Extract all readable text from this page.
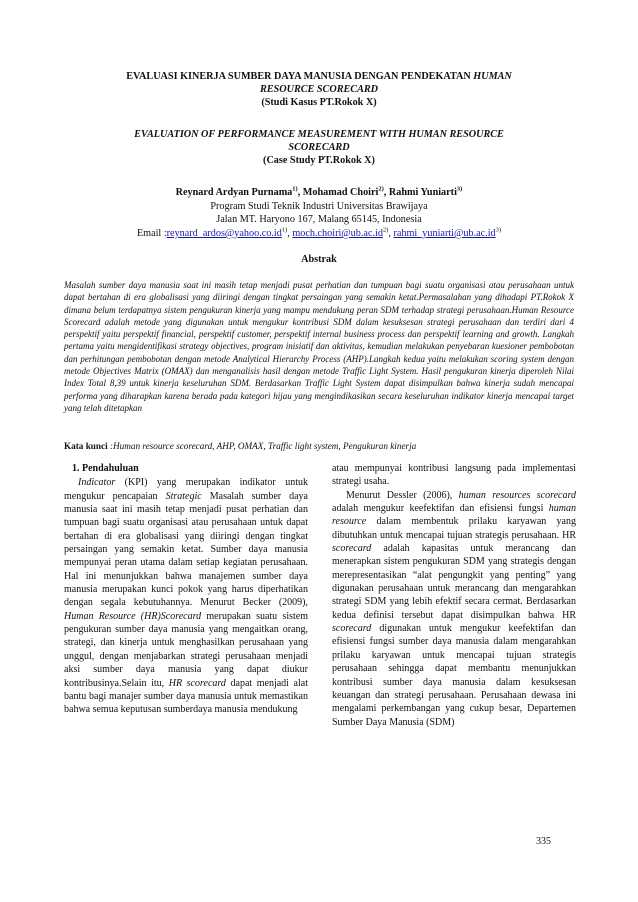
EVALUASI KINERJA SUMBER DAYA MANUSIA DENGAN PENDEKATAN HUMAN
RESOURCE SCORECARD
(Studi Kasus PT.Rokok X)
EVALUATION OF PERFORMANCE MEASUREMENT WITH HUMAN RESOURCE
SCORECARD
(Case Study PT.Rokok X)
Reynard Ardyan Purnama$^{1)}$, Mohamad Choiri$^{2)}$, Rahmi Yuniarti$^{3)}$
Program Studi Teknik Industri Universitas Brawijaya
Jalan MT. Haryono 167, Malang 65145, Indonesia
Email $:reynard\_ardos@yahoo.co.id^{1)}$, $moch.choiri@ub.ac.id^{2)}$, $rahmi\_yuniarti@ub.ac.id^{3)}$
Abstrak
Masalah sumber daya manusia saat ini masih tetap menjadi pusat perhatian dan tumpuan bagi suatu organisasi atau perusahaan untuk dapat bertahan di era globalisasi yang diiringi dengan tingkat persaingan yang semakin ketat.Permasalahan yang dihadapi PT.Rokok X dimana belum terdapatnya sistem pengukuran kinerja yang mampu mendukung peran SDM terhadap strategi perusahaan.Human Resource Scorecard adalah metode yang digunakan untuk mengukur kontribusi SDM dalam kesuksesan strategi perusahaan dan terdiri dari 4 perspektif yaitu perspektif financial, perspektif customer, perspektif internal business process dan perspektif learning and growth. Langkah pertama yaitu mengidentifikasi strategy objectives, program inisiatif dan aktivitas, kemudian melakukan penyebaran kuesioner pembobotan dan perhitungan pembobotan dengan metode Analytical Hierarchy Process (AHP).Langkah kedua yaitu melakukan scoring system dengan metode Objectives Matrix (OMAX) dan menganalisis hasil dengan metode Traffic Light System. Hasil pengukuran kinerja diperoleh Nilai Index Total 8,39 untuk kinerja keseluruhan SDM. Berdasarkan Traffic Light System dapat disimpulkan bahwa kinerja sudah mencapai performa yang diharapkan karena berada pada kategori hijau yang mengindikasikan secara keseluruhan indikator kinerja mencapai target yang telah ditetapkan
Kata kunci :Human resource scorecard, AHP, OMAX, Traffic light system, Pengukuran kinerja

1. Pendahuluan

Indicator (KPI) yang merupakan indikator untuk mengukur pencapaian Strategic Masalah sumber daya manusia saat ini masih tetap menjadi pusat perhatian dan tumpuan bagi suatu organisasi atau perusahaan untuk dapat bertahan di era globalisasi yang diiringi dengan tingkat persaingan yang semakin ketat. Sumber daya manusia mempunyai peran utama dalam setiap kegiatan perusahaan. Hal ini menunjukkan bahwa manajemen sumber daya manusia merupakan kunci pokok yang harus diperhatikan dengan segala kebutuhannya. Menurut Becker (2009), Human Resource (HR)Scorecard merupakan suatu sistem pengukuran sumber daya manusia yang mengaitkan orang, strategi, dan kinerja untuk menghasilkan perusahaan yang unggul, dengan menjabarkan strategi perusahaan menjadi aksi sumber daya manusia yang dapat diukur kontribusinya.Selain itu, HR scorecard dapat menjadi alat bantu bagi manajer sumber daya manusia untuk memastikan bahwa semua keputusan sumberdaya manusia mendukung

atau mempunyai kontribusi langsung pada implementasi strategi usaha.

Menurut Dessler (2006), human resources scorecard adalah mengukur keefektifan dan efisiensi fungsi human resource dalam membentuk prilaku karyawan yang dibutuhkan untuk mencapai tujuan strategis perusahaan. HR scorecard adalah kapasitas untuk merancang dan menerapkan sistem pengukuran SDM yang strategis dengan merepresentasikan “alat pengungkit yang penting” yang digunakan perusahaan untuk merancang dan mengarahkan strategi SDM yang lebih efektif secara cermat. Berdasarkan kedua definisi tersebut dapat disimpulkan bahwa HR scorecard digunakan untuk mengukur keefektifan dan efisiensi fungsi sumber daya manusia dalam mengarahkan prilaku karyawan untuk mencapai tujuan strategis perusahaan sehingga dapat membantu menunjukkan kontribusi sumber daya manusia dalam kesuksesan keuangan dan strategi perusahaan. Perusahaan dewasa ini mengalami perkembangan yang cukup besar, Departemen Sumber Daya Manusia (SDM)

335
